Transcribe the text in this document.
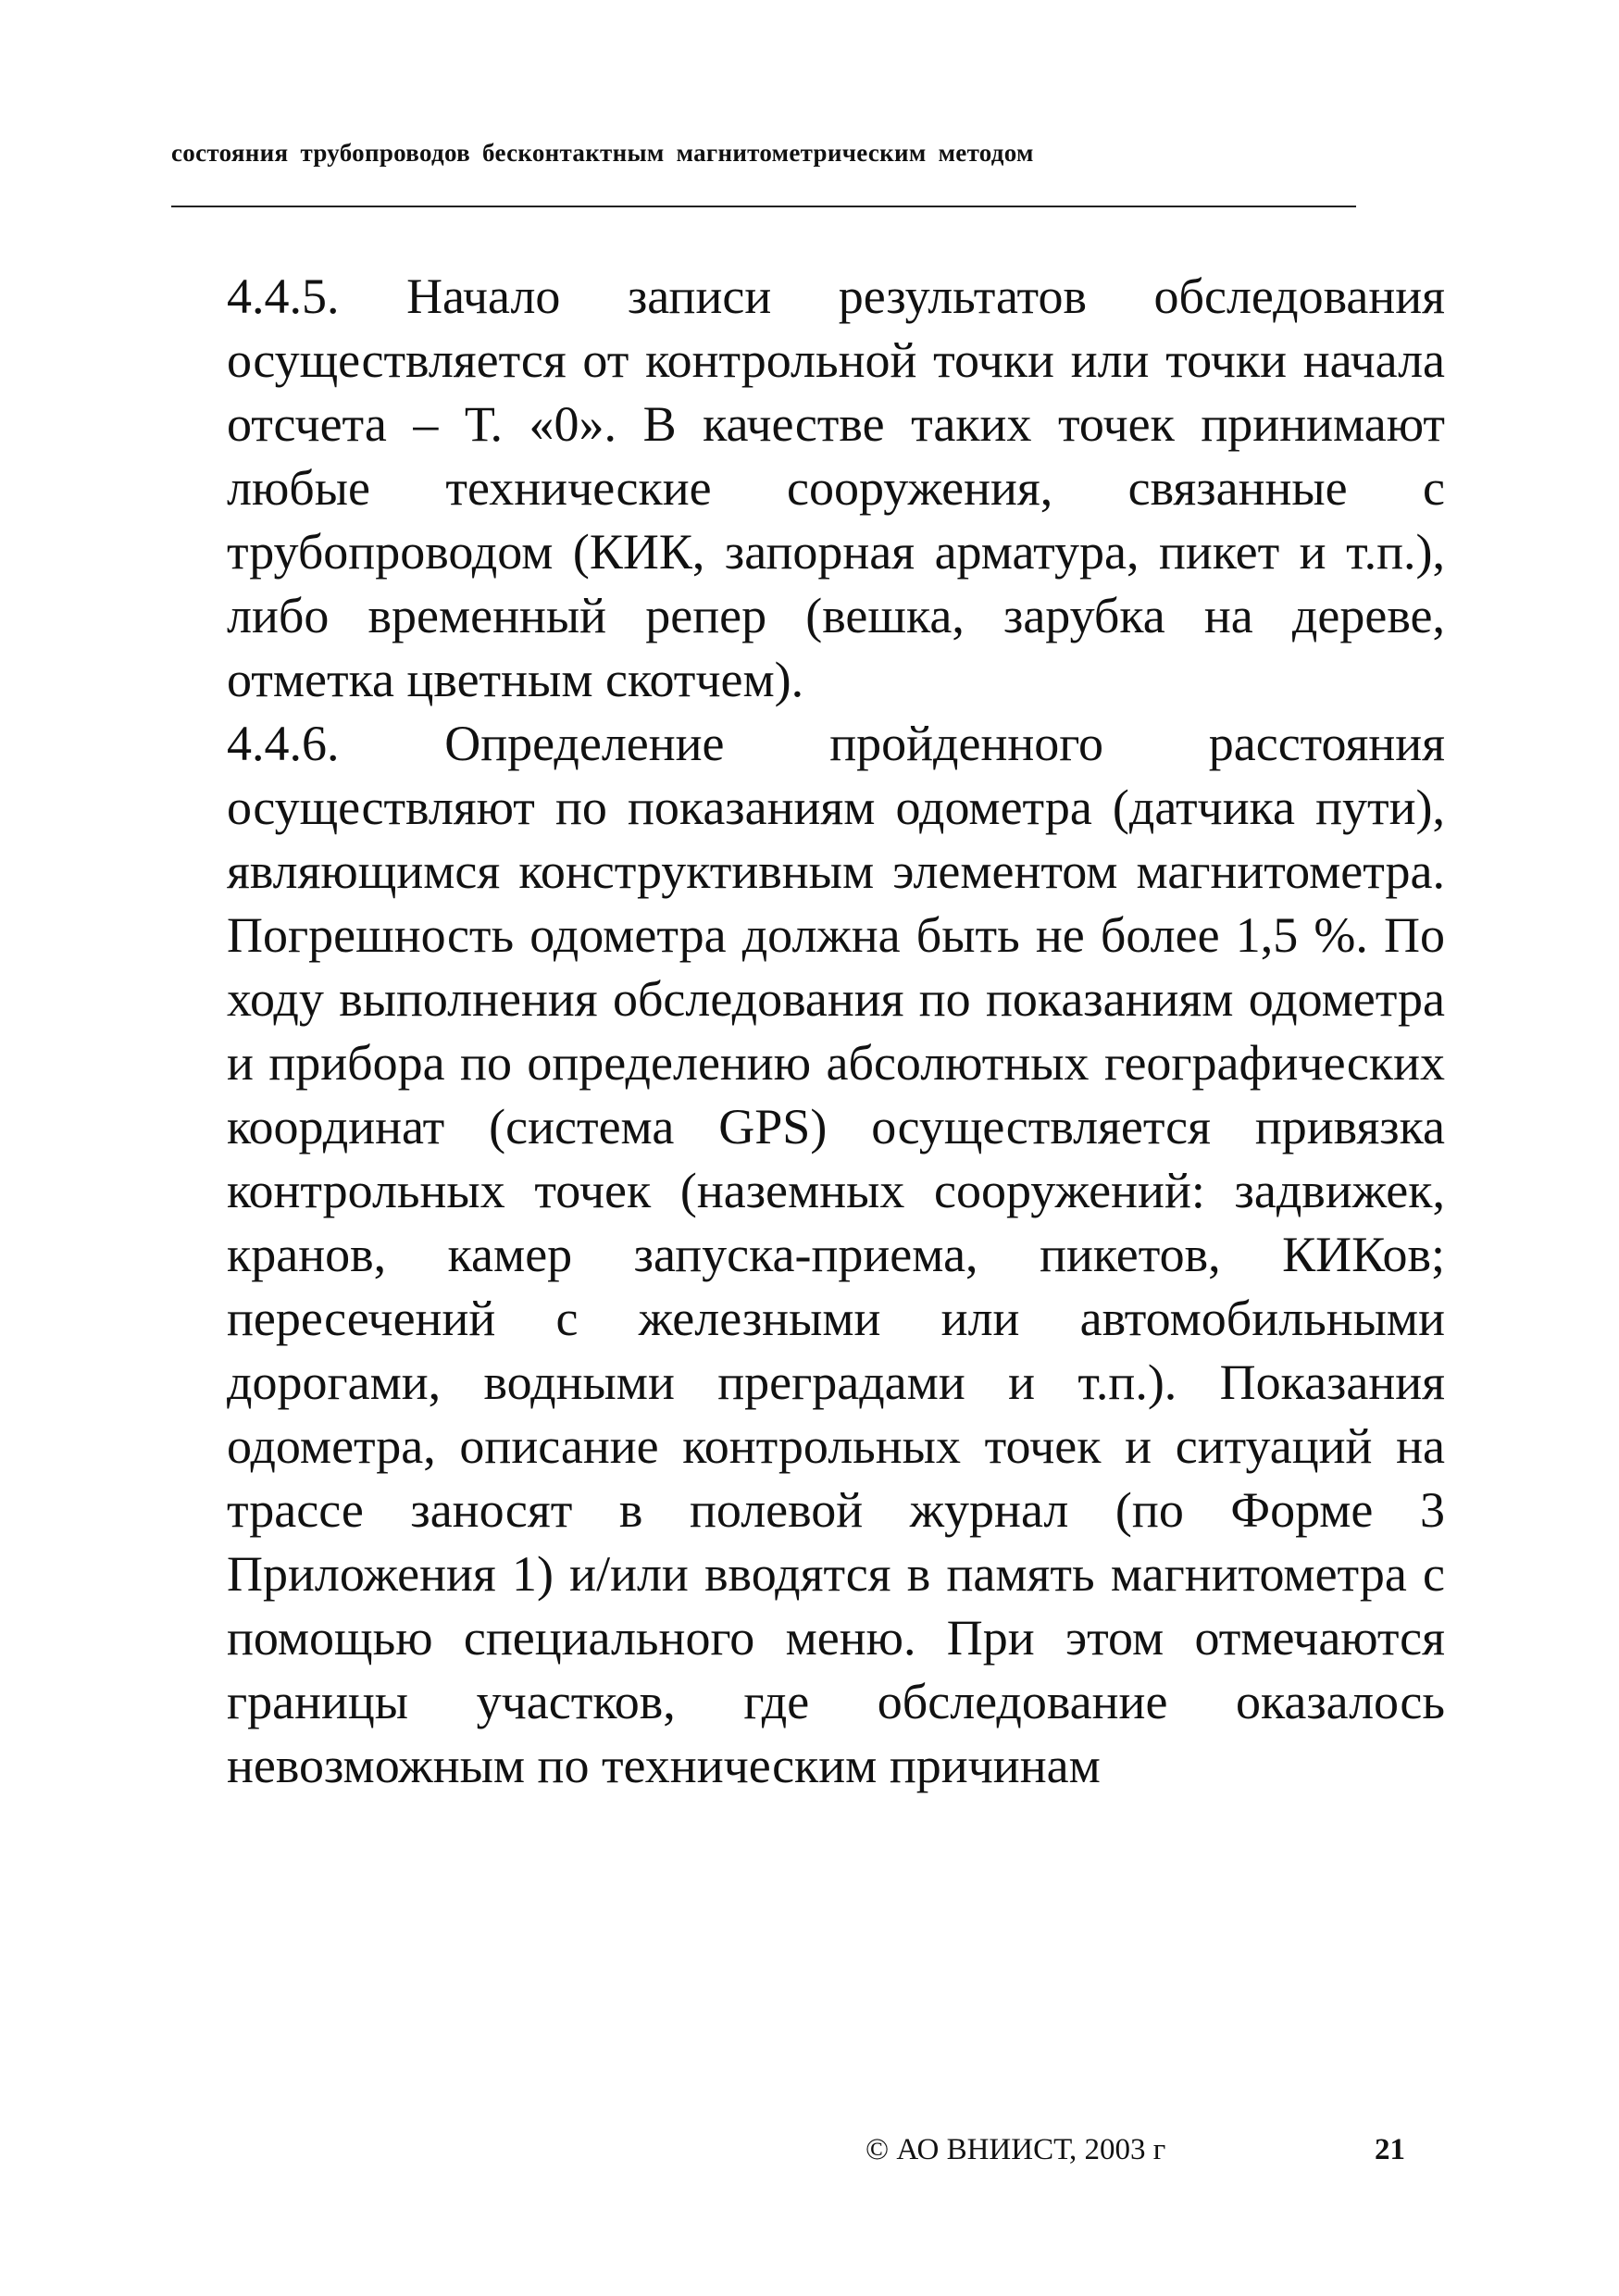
состояния трубопроводов бесконтактным магнитометрическим методом

4.4.5. Начало записи результатов обследования осуществляется от контрольной точки или точки начала отсчета – Т. «0». В качестве таких точек принимают любые технические сооружения, связанные с трубопроводом (КИК, запорная арматура, пикет и т.п.), либо временный репер (вешка, зарубка на дереве, отметка цветным скотчем).

4.4.6. Определение пройденного расстояния осуществляют по показаниям одометра (датчика пути), являющимся конструктивным элементом магнитометра. Погрешность одометра должна быть не более 1,5 %. По ходу выполнения обследования по показаниям одометра и прибора по определению абсолютных географических координат (система GPS) осуществляется привязка контрольных точек (наземных сооружений: задвижек, кранов, камер запуска-приема, пикетов, КИКов; пересечений с железными или автомобильными дорогами, водными преградами и т.п.). Показания одометра, описание контрольных точек и ситуаций на трассе заносят в полевой журнал (по Форме 3 Приложения 1) и/или вводятся в память магнитометра с помощью специального меню. При этом отмечаются границы участков, где обследование оказалось невозможным по техническим причинам

© АО ВНИИСТ, 2003 г	21
